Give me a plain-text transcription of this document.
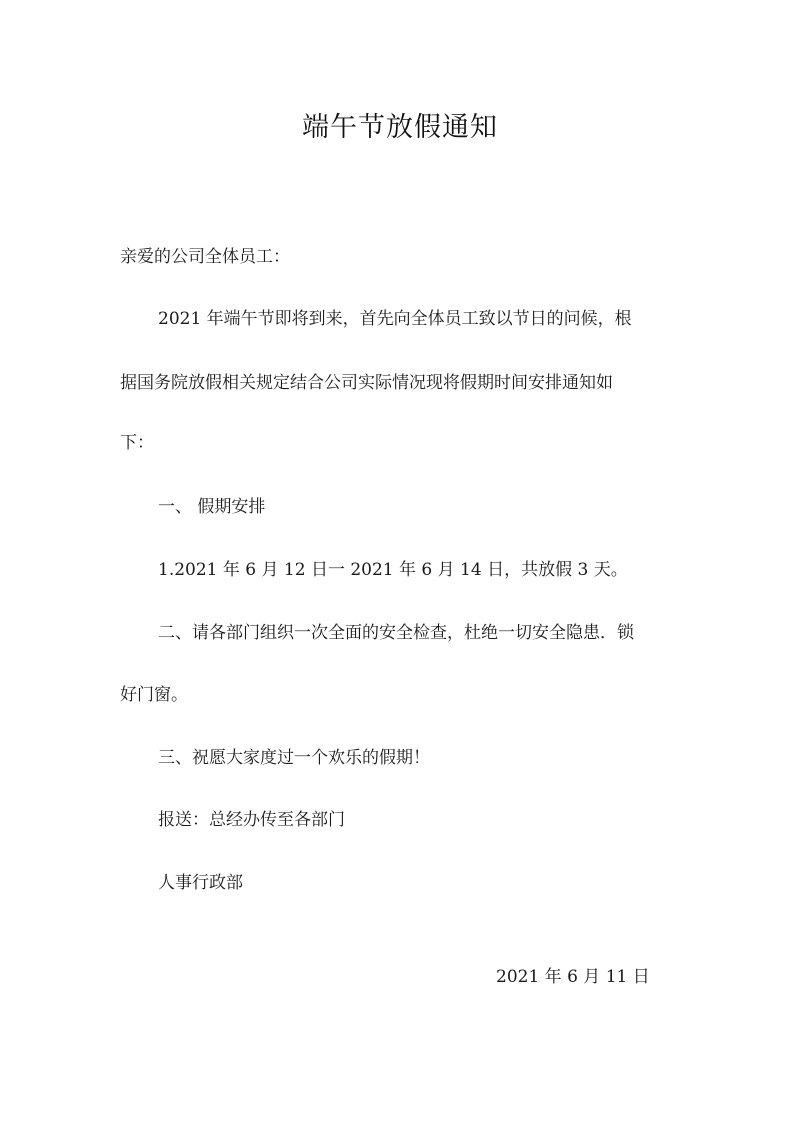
端午节放假通知
亲爱的公司全体员工：
2021 年端午节即将到来，首先向全体员工致以节日的问候，根
据国务院放假相关规定结合公司实际情况现将假期时间安排通知如
下：
一、 假期安排
1.2021 年 6 月 12 日一 2021 年 6 月 14 日，共放假 3 天。
二、请各部门组织一次全面的安全检查，杜绝一切安全隐患．锁
好门窗。
三、祝愿大家度过一个欢乐的假期！
报送：总经办传至各部门
人事行政部
2021 年 6 月 11 日
